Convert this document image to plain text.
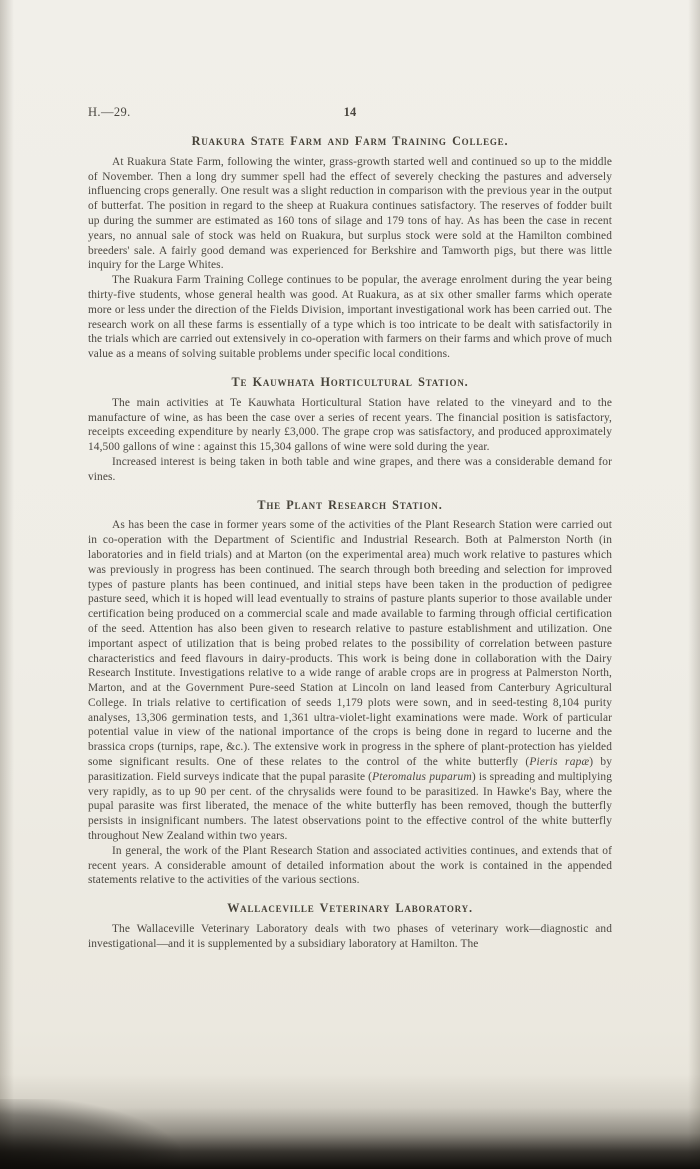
H.—29.	14
Ruakura State Farm and Farm Training College.

At Ruakura State Farm, following the winter, grass-growth started well and continued so up to the middle of November. Then a long dry summer spell had the effect of severely checking the pastures and adversely influencing crops generally. One result was a slight reduction in comparison with the previous year in the output of butterfat. The position in regard to the sheep at Ruakura continues satisfactory. The reserves of fodder built up during the summer are estimated as 160 tons of silage and 179 tons of hay. As has been the case in recent years, no annual sale of stock was held on Ruakura, but surplus stock were sold at the Hamilton combined breeders' sale. A fairly good demand was experienced for Berkshire and Tamworth pigs, but there was little inquiry for the Large Whites.

The Ruakura Farm Training College continues to be popular, the average enrolment during the year being thirty-five students, whose general health was good. At Ruakura, as at six other smaller farms which operate more or less under the direction of the Fields Division, important investigational work has been carried out. The research work on all these farms is essentially of a type which is too intricate to be dealt with satisfactorily in the trials which are carried out extensively in co-operation with farmers on their farms and which prove of much value as a means of solving suitable problems under specific local conditions.

Te Kauwhata Horticultural Station.

The main activities at Te Kauwhata Horticultural Station have related to the vineyard and to the manufacture of wine, as has been the case over a series of recent years. The financial position is satisfactory, receipts exceeding expenditure by nearly £3,000. The grape crop was satisfactory, and produced approximately 14,500 gallons of wine : against this 15,304 gallons of wine were sold during the year.

Increased interest is being taken in both table and wine grapes, and there was a considerable demand for vines.

The Plant Research Station.

As has been the case in former years some of the activities of the Plant Research Station were carried out in co-operation with the Department of Scientific and Industrial Research. Both at Palmerston North (in laboratories and in field trials) and at Marton (on the experimental area) much work relative to pastures which was previously in progress has been continued. The search through both breeding and selection for improved types of pasture plants has been continued, and initial steps have been taken in the production of pedigree pasture seed, which it is hoped will lead eventually to strains of pasture plants superior to those available under certification being produced on a commercial scale and made available to farming through official certification of the seed. Attention has also been given to research relative to pasture establishment and utilization. One important aspect of utilization that is being probed relates to the possibility of correlation between pasture characteristics and feed flavours in dairy-products. This work is being done in collaboration with the Dairy Research Institute. Investigations relative to a wide range of arable crops are in progress at Palmerston North, Marton, and at the Government Pure-seed Station at Lincoln on land leased from Canterbury Agricultural College. In trials relative to certification of seeds 1,179 plots were sown, and in seed-testing 8,104 purity analyses, 13,306 germination tests, and 1,361 ultra-violet-light examinations were made. Work of particular potential value in view of the national importance of the crops is being done in regard to lucerne and the brassica crops (turnips, rape, &c.). The extensive work in progress in the sphere of plant-protection has yielded some significant results. One of these relates to the control of the white butterfly (Pieris rapæ) by parasitization. Field surveys indicate that the pupal parasite (Pteromalus puparum) is spreading and multiplying very rapidly, as to up 90 per cent. of the chrysalids were found to be parasitized. In Hawke's Bay, where the pupal parasite was first liberated, the menace of the white butterfly has been removed, though the butterfly persists in insignificant numbers. The latest observations point to the effective control of the white butterfly throughout New Zealand within two years.

In general, the work of the Plant Research Station and associated activities continues, and extends that of recent years. A considerable amount of detailed information about the work is contained in the appended statements relative to the activities of the various sections.

Wallaceville Veterinary Laboratory.

The Wallaceville Veterinary Laboratory deals with two phases of veterinary work—diagnostic and investigational—and it is supplemented by a subsidiary laboratory at Hamilton. The
